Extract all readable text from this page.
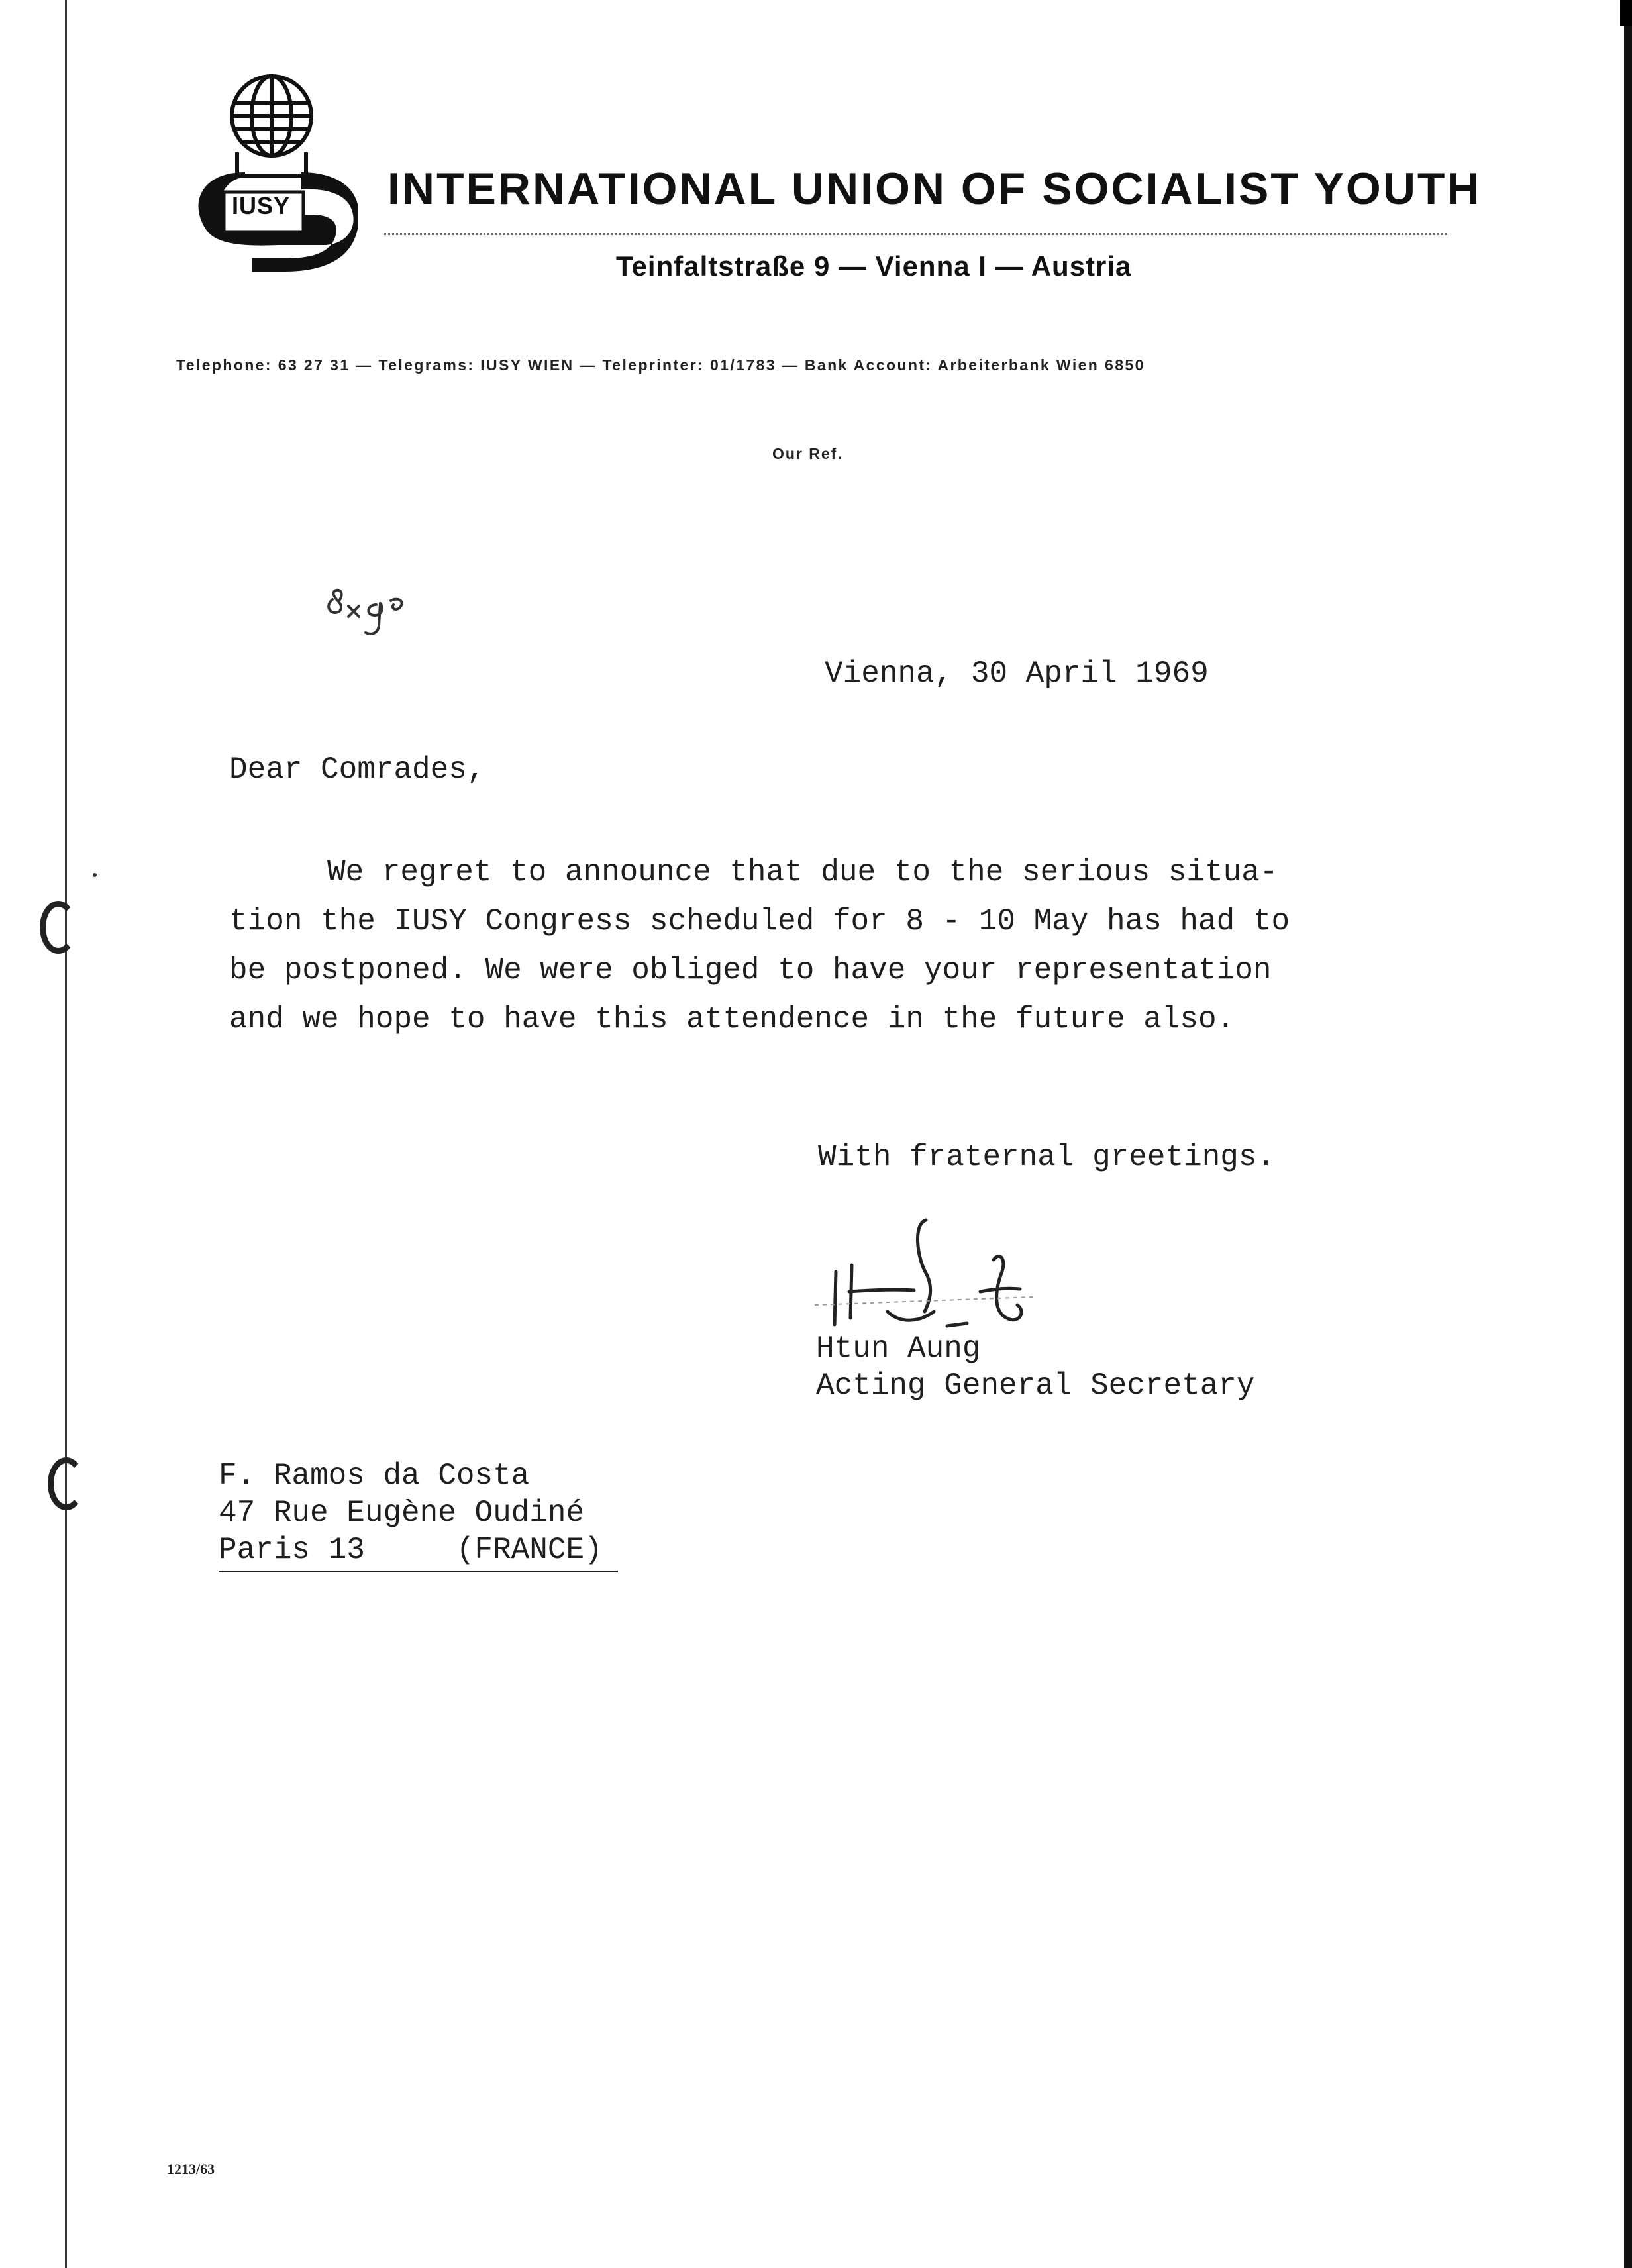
IUSY INTERNATIONAL UNION OF SOCIALIST YOUTH
Teinfaltstraße 9 — Vienna I — Austria
Telephone: 63 27 31 — Telegrams: IUSY WIEN — Teleprinter: 01/1783 — Bank Account: Arbeiterbank Wien 6850
Our Ref.
Vienna, 30 April 1969
Dear Comrades,
We regret to announce that due to the serious situa-
tion the IUSY Congress scheduled for 8 - 10 May has had to
be postponed. We were obliged to have your representation
and we hope to have this attendence in the future also.
With fraternal greetings.
Htun Aung
Acting General Secretary
F. Ramos da Costa
47 Rue Eugène Oudiné
Paris 13     (FRANCE)
1213/63
